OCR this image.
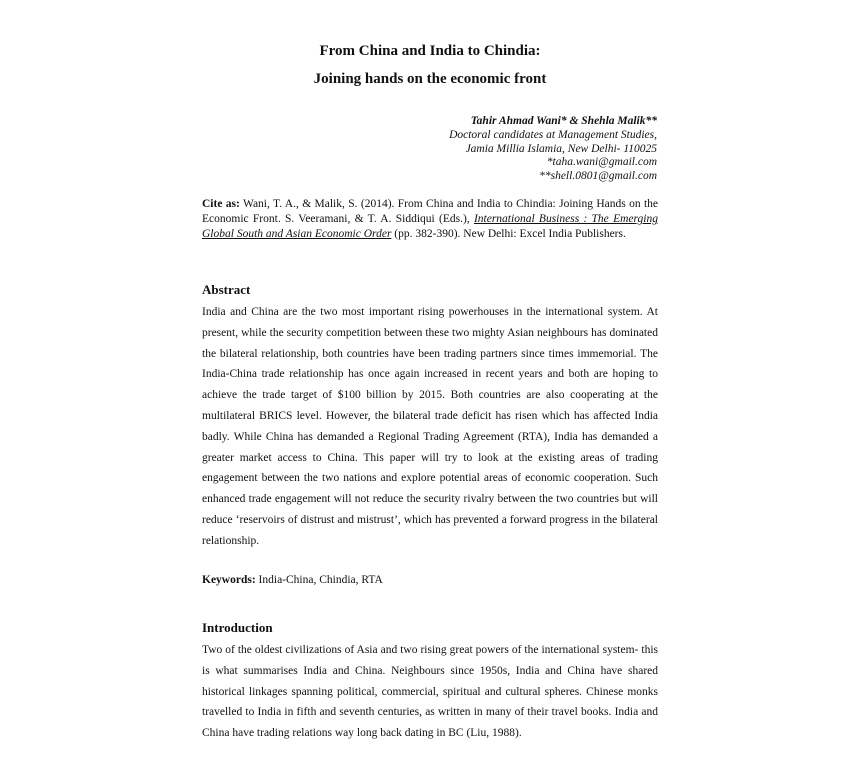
From China and India to Chindia:
Joining hands on the economic front
Tahir Ahmad Wani* & Shehla Malik**
Doctoral candidates at Management Studies,
Jamia Millia Islamia, New Delhi- 110025
*taha.wani@gmail.com
**shell.0801@gmail.com
Cite as: Wani, T. A., & Malik, S. (2014). From China and India to Chindia: Joining Hands on the Economic Front. S. Veeramani, & T. A. Siddiqui (Eds.), International Business : The Emerging Global South and Asian Economic Order (pp. 382-390). New Delhi: Excel India Publishers.
Abstract
India and China are the two most important rising powerhouses in the international system. At present, while the security competition between these two mighty Asian neighbours has dominated the bilateral relationship, both countries have been trading partners since times immemorial. The India-China trade relationship has once again increased in recent years and both are hoping to achieve the trade target of $100 billion by 2015. Both countries are also cooperating at the multilateral BRICS level. However, the bilateral trade deficit has risen which has affected India badly. While China has demanded a Regional Trading Agreement (RTA), India has demanded a greater market access to China. This paper will try to look at the existing areas of trading engagement between the two nations and explore potential areas of economic cooperation. Such enhanced trade engagement will not reduce the security rivalry between the two countries but will reduce ‘reservoirs of distrust and mistrust’, which has prevented a forward progress in the bilateral relationship.
Keywords: India-China, Chindia, RTA
Introduction
Two of the oldest civilizations of Asia and two rising great powers of the international system- this is what summarises India and China. Neighbours since 1950s, India and China have shared historical linkages spanning political, commercial, spiritual and cultural spheres. Chinese monks travelled to India in fifth and seventh centuries, as written in many of their travel books. India and China have trading relations way long back dating in BC (Liu, 1988).
